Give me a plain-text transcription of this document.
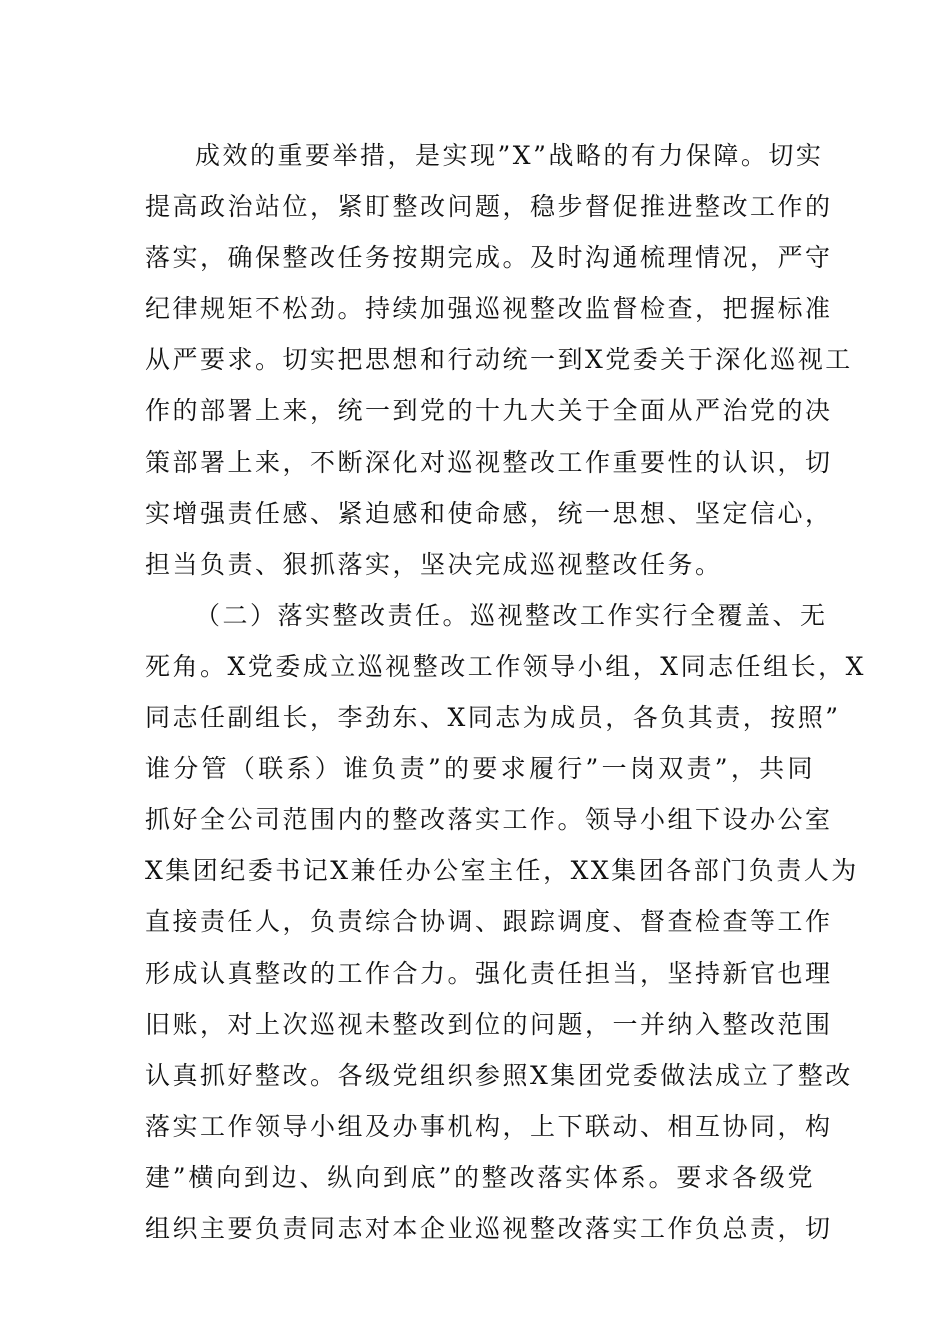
成效的重要举措，是实现”X”战略的有力保障。切实
提高政治站位，紧盯整改问题，稳步督促推进整改工作的
落实，确保整改任务按期完成。及时沟通梳理情况，严守
纪律规矩不松劲。持续加强巡视整改监督检查，把握标准
从严要求。切实把思想和行动统一到X党委关于深化巡视工
作的部署上来，统一到党的十九大关于全面从严治党的决
策部署上来，不断深化对巡视整改工作重要性的认识，切
实增强责任感、紧迫感和使命感，统一思想、坚定信心，
担当负责、狠抓落实，坚决完成巡视整改任务。
（二）落实整改责任。巡视整改工作实行全覆盖、无
死角。X党委成立巡视整改工作领导小组，X同志任组长，X
同志任副组长，李劲东、X同志为成员，各负其责，按照”
谁分管（联系）谁负责”的要求履行”一岗双责”，共同
抓好全公司范围内的整改落实工作。领导小组下设办公室
X集团纪委书记X兼任办公室主任，XX集团各部门负责人为
直接责任人，负责综合协调、跟踪调度、督查检查等工作
形成认真整改的工作合力。强化责任担当，坚持新官也理
旧账，对上次巡视未整改到位的问题，一并纳入整改范围
认真抓好整改。各级党组织参照X集团党委做法成立了整改
落实工作领导小组及办事机构，上下联动、相互协同，构
建”横向到边、纵向到底”的整改落实体系。要求各级党
组织主要负责同志对本企业巡视整改落实工作负总责，切
